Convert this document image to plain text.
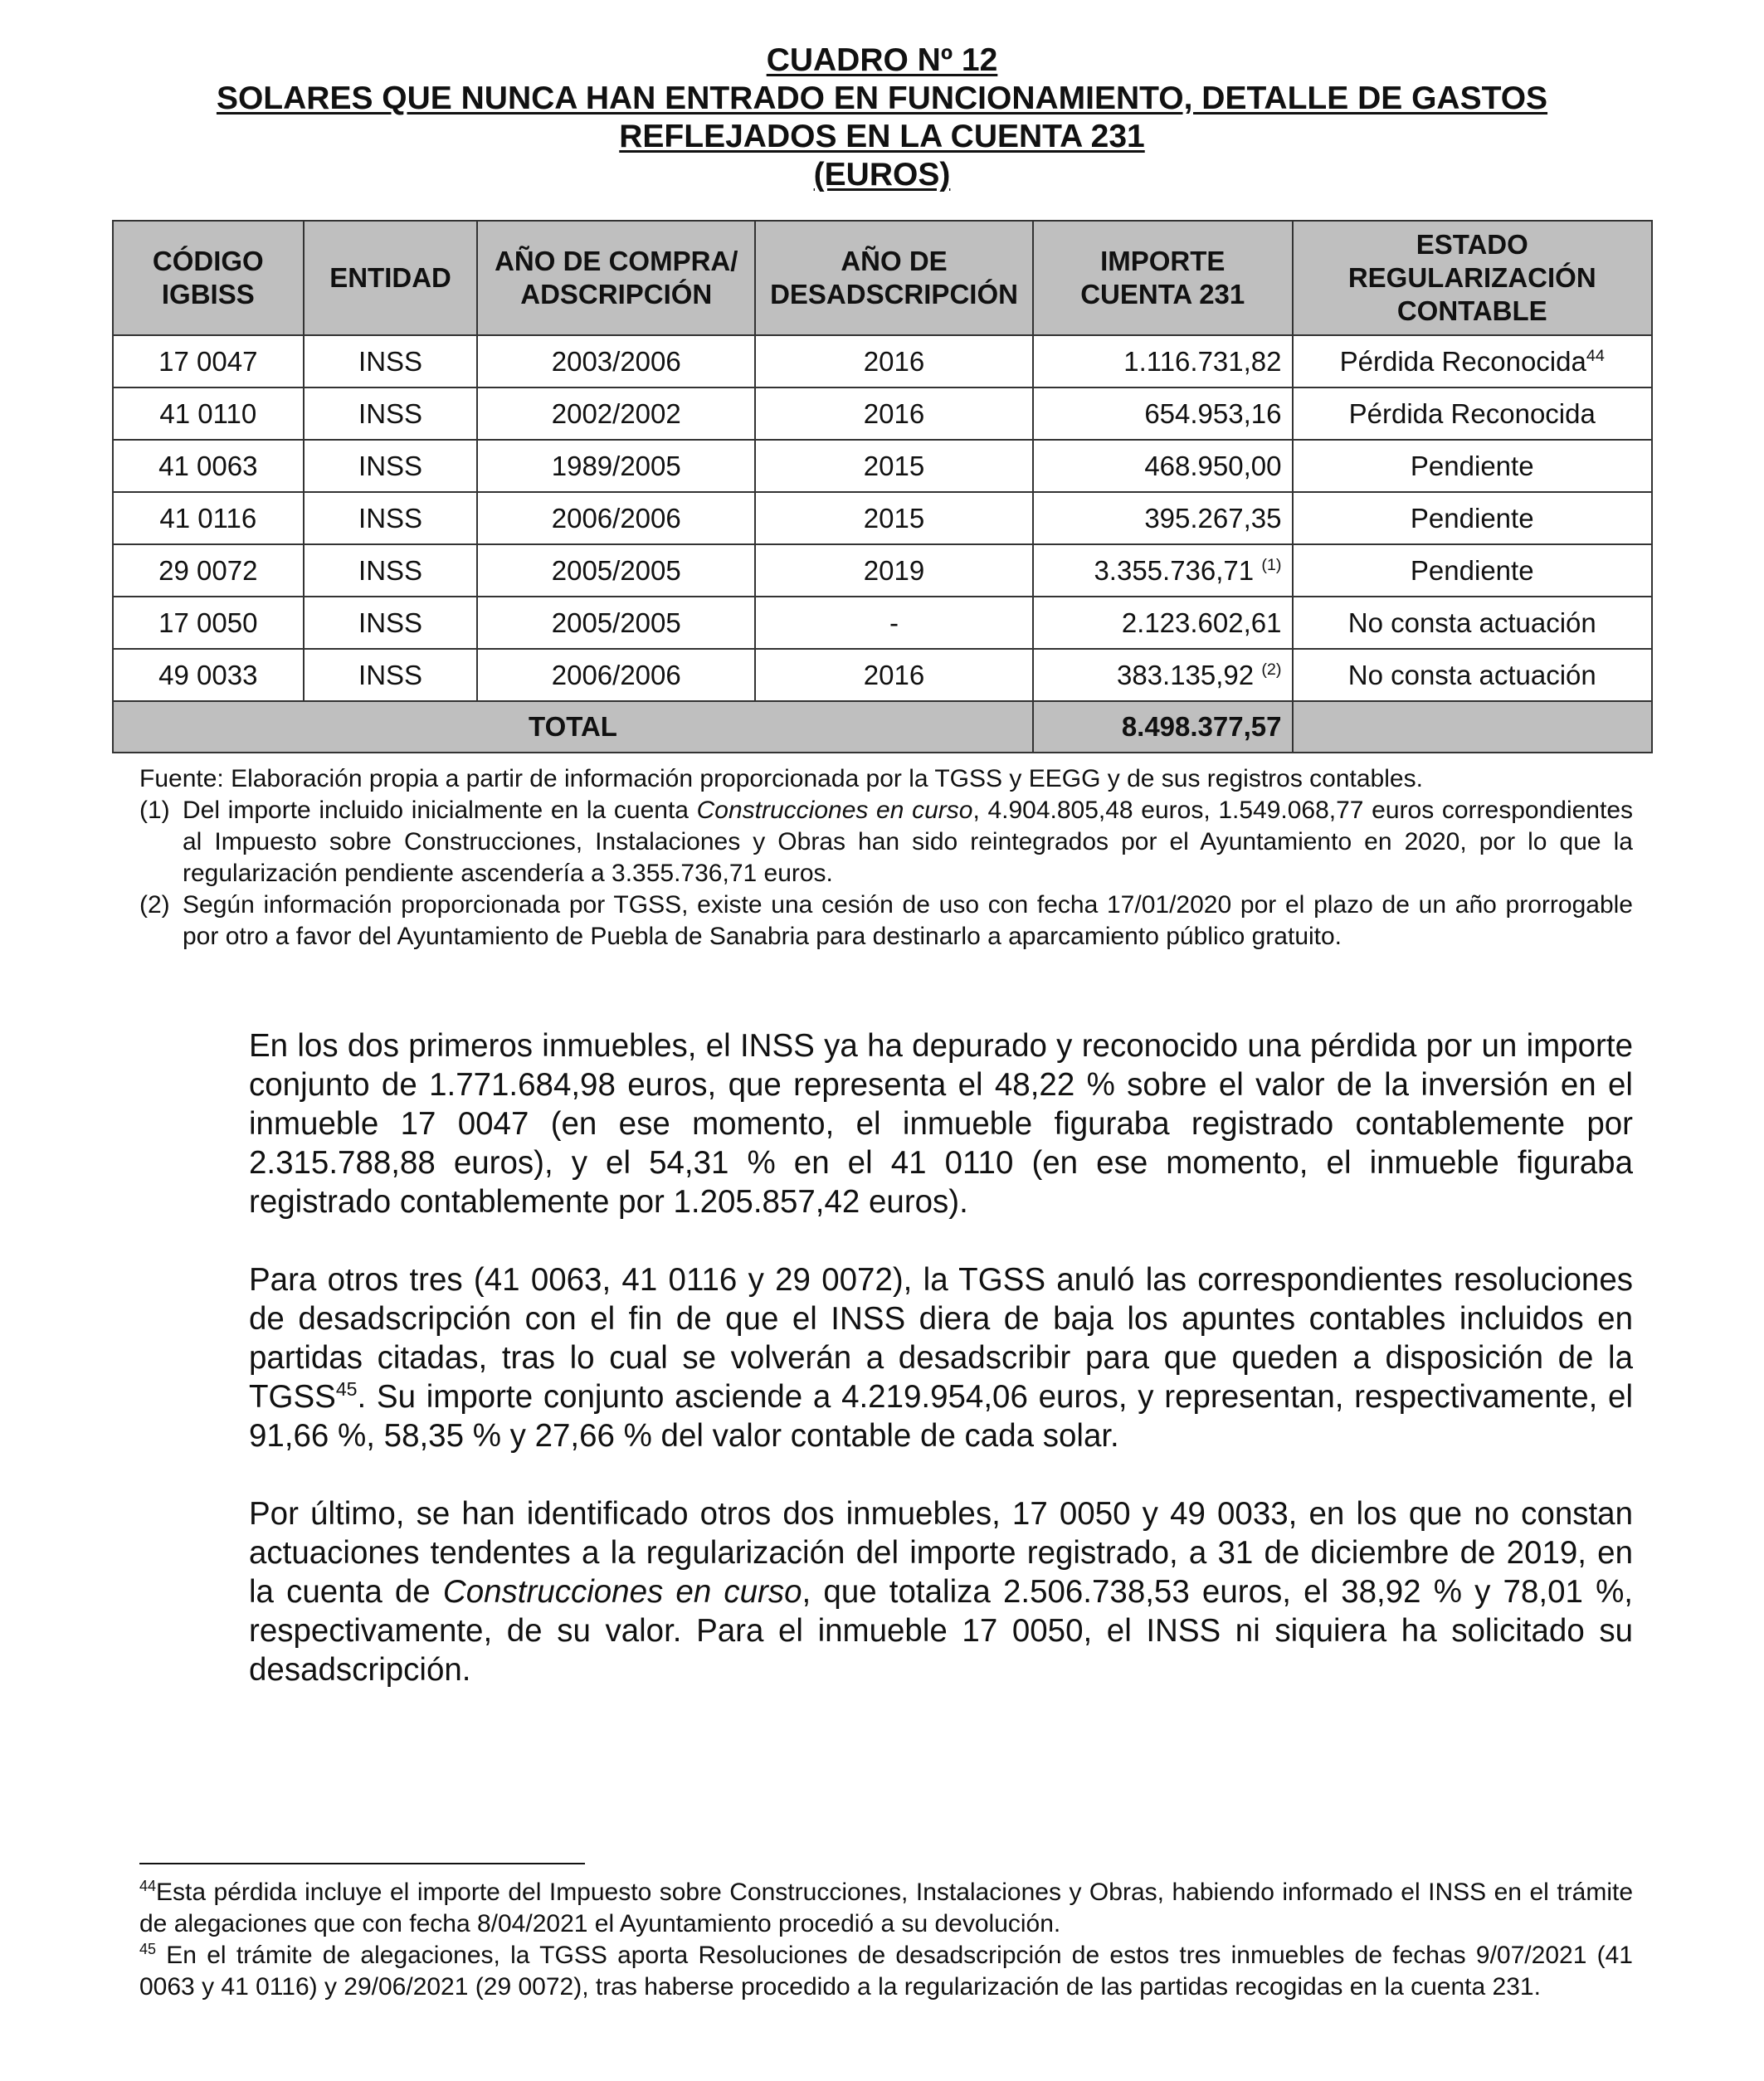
CUADRO Nº 12
SOLARES QUE NUNCA HAN ENTRADO EN FUNCIONAMIENTO, DETALLE DE GASTOS
REFLEJADOS EN LA CUENTA 231
(EUROS)
CÓDIGO IGBISS	ENTIDAD	AÑO DE COMPRA/ ADSCRIPCIÓN	AÑO DE DESADSCRIPCIÓN	IMPORTE CUENTA 231	ESTADO REGULARIZACIÓN CONTABLE
17 0047	INSS	2003/2006	2016	1.116.731,82	Pérdida Reconocida$^{44}$
41 0110	INSS	2002/2002	2016	654.953,16	Pérdida Reconocida
41 0063	INSS	1989/2005	2015	468.950,00	Pendiente
41 0116	INSS	2006/2006	2015	395.267,35	Pendiente
29 0072	INSS	2005/2005	2019	3.355.736,71 $^{(1)}$	Pendiente
17 0050	INSS	2005/2005	-	2.123.602,61	No consta actuación
49 0033	INSS	2006/2006	2016	383.135,92 $^{(2)}$	No consta actuación
TOTAL				8.498.377,57	

Fuente: Elaboración propia a partir de información proporcionada por la TGSS y EEGG y de sus registros contables.

(1) Del importe incluido inicialmente en la cuenta Construcciones en curso, 4.904.805,48 euros, 1.549.068,77 euros correspondientes al Impuesto sobre Construcciones, Instalaciones y Obras han sido reintegrados por el Ayuntamiento en 2020, por lo que la regularización pendiente ascendería a 3.355.736,71 euros.
(2) Según información proporcionada por TGSS, existe una cesión de uso con fecha 17/01/2020 por el plazo de un año prorrogable por otro a favor del Ayuntamiento de Puebla de Sanabria para destinarlo a aparcamiento público gratuito.

En los dos primeros inmuebles, el INSS ya ha depurado y reconocido una pérdida por un importe conjunto de 1.771.684,98 euros, que representa el 48,22 % sobre el valor de la inversión en el inmueble 17 0047 (en ese momento, el inmueble figuraba registrado contablemente por 2.315.788,88 euros), y el 54,31 % en el 41 0110 (en ese momento, el inmueble figuraba registrado contablemente por 1.205.857,42 euros).

Para otros tres (41 0063, 41 0116 y 29 0072), la TGSS anuló las correspondientes resoluciones de desadscripción con el fin de que el INSS diera de baja los apuntes contables incluidos en partidas citadas, tras lo cual se volverán a desadscribir para que queden a disposición de la TGSS$^{45}$. Su importe conjunto asciende a 4.219.954,06 euros, y representan, respectivamente, el 91,66 %, 58,35 % y 27,66 % del valor contable de cada solar.

Por último, se han identificado otros dos inmuebles, 17 0050 y 49 0033, en los que no constan actuaciones tendentes a la regularización del importe registrado, a 31 de diciembre de 2019, en la cuenta de Construcciones en curso, que totaliza 2.506.738,53 euros, el 38,92 % y 78,01 %, respectivamente, de su valor. Para el inmueble 17 0050, el INSS ni siquiera ha solicitado su desadscripción.

$^{44}$Esta pérdida incluye el importe del Impuesto sobre Construcciones, Instalaciones y Obras, habiendo informado el INSS en el trámite de alegaciones que con fecha 8/04/2021 el Ayuntamiento procedió a su devolución.

$^{45}$ En el trámite de alegaciones, la TGSS aporta Resoluciones de desadscripción de estos tres inmuebles de fechas 9/07/2021 (41 0063 y 41 0116) y 29/06/2021 (29 0072), tras haberse procedido a la regularización de las partidas recogidas en la cuenta 231.
